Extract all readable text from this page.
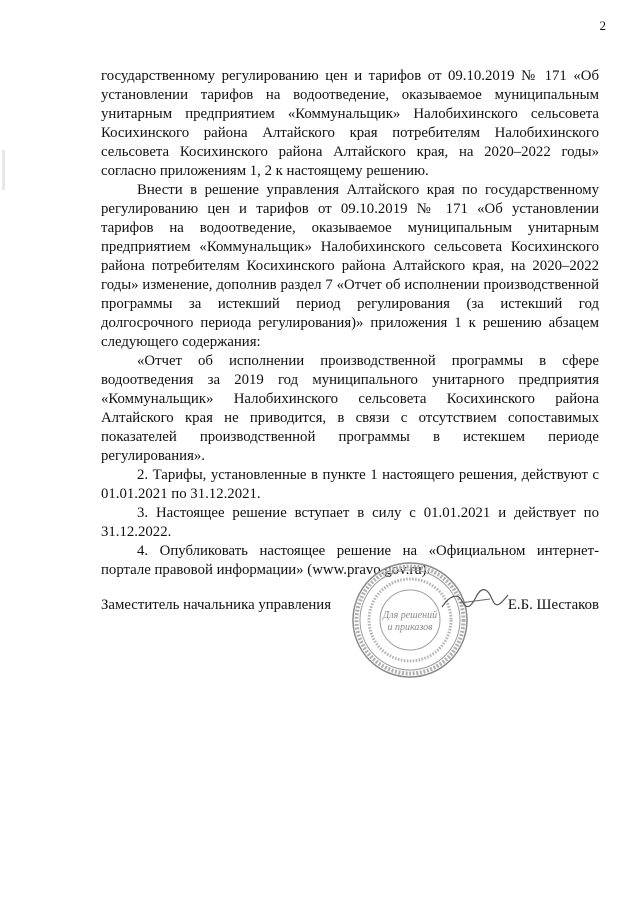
2

государственному регулированию цен и тарифов от 09.10.2019 № 171 «Об установлении тарифов на водоотведение, оказываемое муниципальным унитарным предприятием «Коммунальщик» Налобихинского сельсовета Косихинского района Алтайского края потребителям Налобихинского сельсовета Косихинского района Алтайского края, на 2020–2022 годы» согласно приложениям 1, 2 к настоящему решению.

Внести в решение управления Алтайского края по государственному регулированию цен и тарифов от 09.10.2019 № 171 «Об установлении тарифов на водоотведение, оказываемое муниципальным унитарным предприятием «Коммунальщик» Налобихинского сельсовета Косихинского района потребителям Косихинского района Алтайского края, на 2020–2022 годы» изменение, дополнив раздел 7 «Отчет об исполнении производственной программы за истекший период регулирования (за истекший год долгосрочного периода регулирования)» приложения 1 к решению абзацем следующего содержания:

«Отчет об исполнении производственной программы в сфере водоотведения за 2019 год муниципального унитарного предприятия «Коммунальщик» Налобихинского сельсовета Косихинского района Алтайского края не приводится, в связи с отсутствием сопоставимых показателей производственной программы в истекшем периоде регулирования».

2. Тарифы, установленные в пункте 1 настоящего решения, действуют с 01.01.2021 по 31.12.2021.

3. Настоящее решение вступает в силу с 01.01.2021 и действует по 31.12.2022.

4. Опубликовать настоящее решение на «Официальном интернет-портале правовой информации» (www.pravo.gov.ru).

Заместитель начальника управления
Для решений
и приказов
Е.Б. Шестаков
